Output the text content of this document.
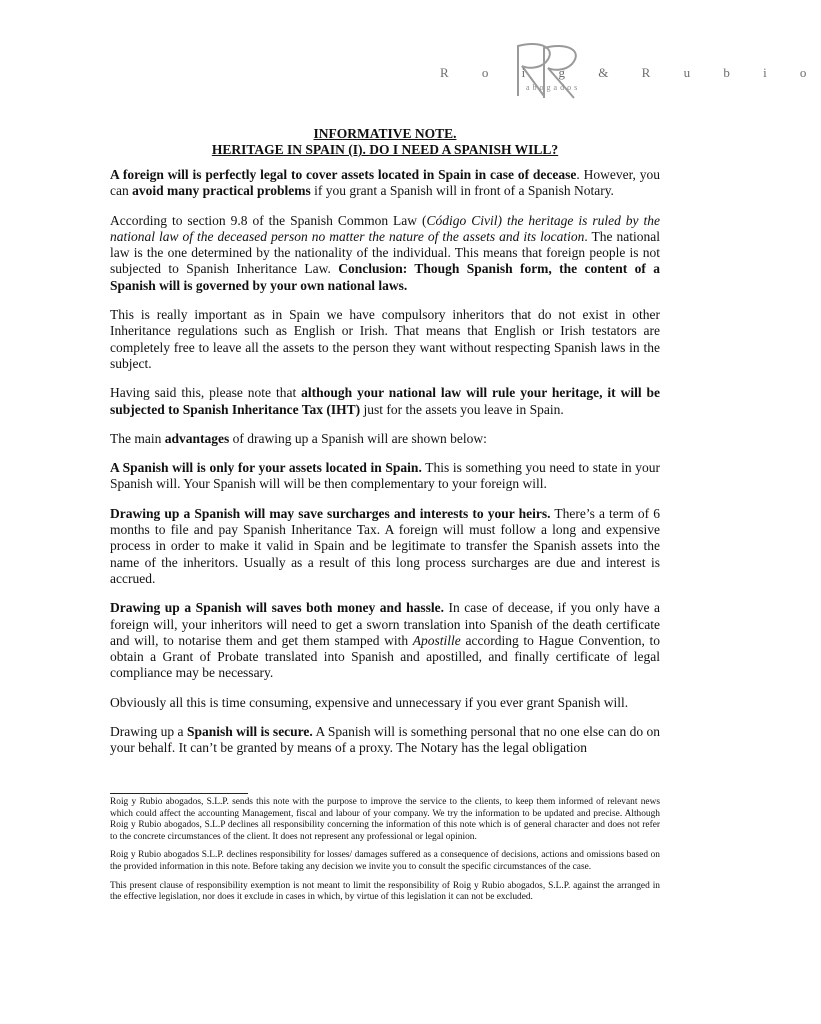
R o i g & R u b i o
abogados
INFORMATIVE NOTE.
HERITAGE IN SPAIN (I). DO I NEED A SPANISH WILL?

A foreign will is perfectly legal to cover assets located in Spain in case of decease. However, you can avoid many practical problems if you grant a Spanish will in front of a Spanish Notary.

According to section 9.8 of the Spanish Common Law (Código Civil) the heritage is ruled by the national law of the deceased person no matter the nature of the assets and its location. The national law is the one determined by the nationality of the individual. This means that foreign people is not subjected to Spanish Inheritance Law. Conclusion: Though Spanish form, the content of a Spanish will is governed by your own national laws.

This is really important as in Spain we have compulsory inheritors that do not exist in other Inheritance regulations such as English or Irish. That means that English or Irish testators are completely free to leave all the assets to the person they want without respecting Spanish laws in the subject.

Having said this, please note that although your national law will rule your heritage, it will be subjected to Spanish Inheritance Tax (IHT) just for the assets you leave in Spain.

The main advantages of drawing up a Spanish will are shown below:

A Spanish will is only for your assets located in Spain. This is something you need to state in your Spanish will. Your Spanish will will be then complementary to your foreign will.

Drawing up a Spanish will may save surcharges and interests to your heirs. There’s a term of 6 months to file and pay Spanish Inheritance Tax. A foreign will must follow a long and expensive process in order to make it valid in Spain and be legitimate to transfer the Spanish assets into the name of the inheritors. Usually as a result of this long process surcharges are due and interest is accrued.

Drawing up a Spanish will saves both money and hassle. In case of decease, if you only have a foreign will, your inheritors will need to get a sworn translation into Spanish of the death certificate and will, to notarise them and get them stamped with Apostille according to Hague Convention, to obtain a Grant of Probate translated into Spanish and apostilled, and finally certificate of legal compliance may be necessary.

Obviously all this is time consuming, expensive and unnecessary if you ever grant Spanish will.

Drawing up a Spanish will is secure. A Spanish will is something personal that no one else can do on your behalf. It can’t be granted by means of a proxy. The Notary has the legal obligation

Roig y Rubio abogados, S.L.P. sends this note with the purpose to improve the service to the clients, to keep them informed of relevant news which could affect the accounting Management, fiscal and labour of your company. We try the information to be updated and precise. Although Roig y Rubio abogados, S.L.P declines all responsibility concerning the information of this note which is of general character and does not refer to the concrete circumstances of the client. It does not represent any professional or legal opinion.

Roig y Rubio abogados S.L.P. declines responsibility for losses/ damages suffered as a consequence of decisions, actions and omissions based on the provided information in this note. Before taking any decision we invite you to consult the specific circumstances of the case.

This present clause of responsibility exemption is not meant to limit the responsibility of Roig y Rubio abogados, S.L.P. against the arranged in the effective legislation, nor does it exclude in cases in which, by virtue of this legislation it can not be excluded.
